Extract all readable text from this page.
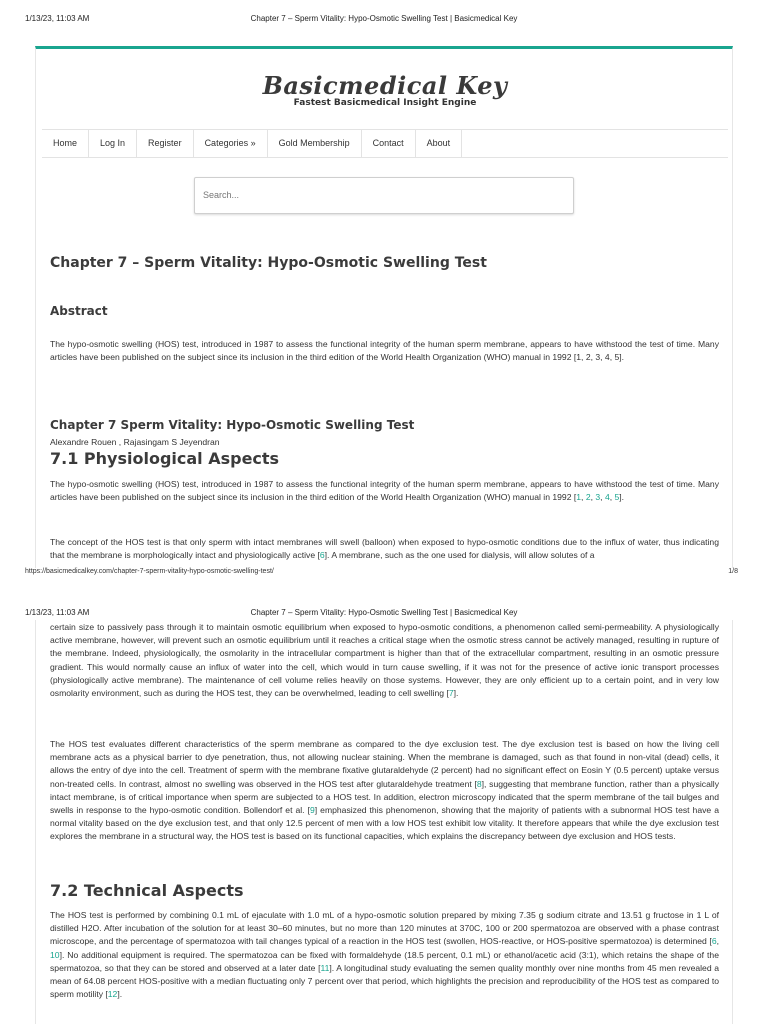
1/13/23, 11:03 AM	Chapter 7 – Sperm Vitality: Hypo-Osmotic Swelling Test | Basicmedical Key
Basicmedical Key
Fastest Basicmedical Insight Engine
Home	Log In	Register	Categories »	Gold Membership	Contact	About
Search...
Chapter 7 – Sperm Vitality: Hypo-Osmotic Swelling Test
Abstract
The hypo-osmotic swelling (HOS) test, introduced in 1987 to assess the functional integrity of the human sperm membrane, appears to have withstood the test of time. Many articles have been published on the subject since its inclusion in the third edition of the World Health Organization (WHO) manual in 1992 [1, 2, 3, 4, 5].
Chapter 7 Sperm Vitality: Hypo-Osmotic Swelling Test
Alexandre Rouen , Rajasingam S Jeyendran
7.1 Physiological Aspects
The hypo-osmotic swelling (HOS) test, introduced in 1987 to assess the functional integrity of the human sperm membrane, appears to have withstood the test of time. Many articles have been published on the subject since its inclusion in the third edition of the World Health Organization (WHO) manual in 1992 [1, 2, 3, 4, 5].
The concept of the HOS test is that only sperm with intact membranes will swell (balloon) when exposed to hypo-osmotic conditions due to the influx of water, thus indicating that the membrane is morphologically intact and physiologically active [6]. A membrane, such as the one used for dialysis, will allow solutes of a
https://basicmedicalkey.com/chapter-7-sperm-vitality-hypo-osmotic-swelling-test/	1/8
1/13/23, 11:03 AM	Chapter 7 – Sperm Vitality: Hypo-Osmotic Swelling Test | Basicmedical Key
certain size to passively pass through it to maintain osmotic equilibrium when exposed to hypo-osmotic conditions, a phenomenon called semi-permeability. A physiologically active membrane, however, will prevent such an osmotic equilibrium until it reaches a critical stage when the osmotic stress cannot be actively managed, resulting in rupture of the membrane. Indeed, physiologically, the osmolarity in the intracellular compartment is higher than that of the extracellular compartment, resulting in an osmotic pressure gradient. This would normally cause an influx of water into the cell, which would in turn cause swelling, if it was not for the presence of active ionic transport processes (physiologically active membrane). The maintenance of cell volume relies heavily on those systems. However, they are only efficient up to a certain point, and in very low osmolarity environment, such as during the HOS test, they can be overwhelmed, leading to cell swelling [7].
The HOS test evaluates different characteristics of the sperm membrane as compared to the dye exclusion test. The dye exclusion test is based on how the living cell membrane acts as a physical barrier to dye penetration, thus, not allowing nuclear staining. When the membrane is damaged, such as that found in non-vital (dead) cells, it allows the entry of dye into the cell. Treatment of sperm with the membrane fixative glutaraldehyde (2 percent) had no significant effect on Eosin Y (0.5 percent) uptake versus non-treated cells. In contrast, almost no swelling was observed in the HOS test after glutaraldehyde treatment [8], suggesting that membrane function, rather than a physically intact membrane, is of critical importance when sperm are subjected to a HOS test. In addition, electron microscopy indicated that the sperm membrane of the tail bulges and swells in response to the hypo-osmotic condition. Bollendorf et al. [9] emphasized this phenomenon, showing that the majority of patients with a subnormal HOS test have a normal vitality based on the dye exclusion test, and that only 12.5 percent of men with a low HOS test exhibit low vitality. It therefore appears that while the dye exclusion test explores the membrane in a structural way, the HOS test is based on its functional capacities, which explains the discrepancy between dye exclusion and HOS tests.
7.2 Technical Aspects
The HOS test is performed by combining 0.1 mL of ejaculate with 1.0 mL of a hypo-osmotic solution prepared by mixing 7.35 g sodium citrate and 13.51 g fructose in 1 L of distilled H2O. After incubation of the solution for at least 30–60 minutes, but no more than 120 minutes at 370C, 100 or 200 spermatozoa are observed with a phase contrast microscope, and the percentage of spermatozoa with tail changes typical of a reaction in the HOS test (swollen, HOS-reactive, or HOS-positive spermatozoa) is determined [6, 10]. No additional equipment is required. The spermatozoa can be fixed with formaldehyde (18.5 percent, 0.1 mL) or ethanol/acetic acid (3:1), which retains the shape of the spermatozoa, so that they can be stored and observed at a later date [11]. A longitudinal study evaluating the semen quality monthly over nine months from 45 men revealed a mean of 64.08 percent HOS-positive with a median fluctuating only 7 percent over that period, which highlights the precision and reproducibility of the HOS test as compared to sperm motility [12].
